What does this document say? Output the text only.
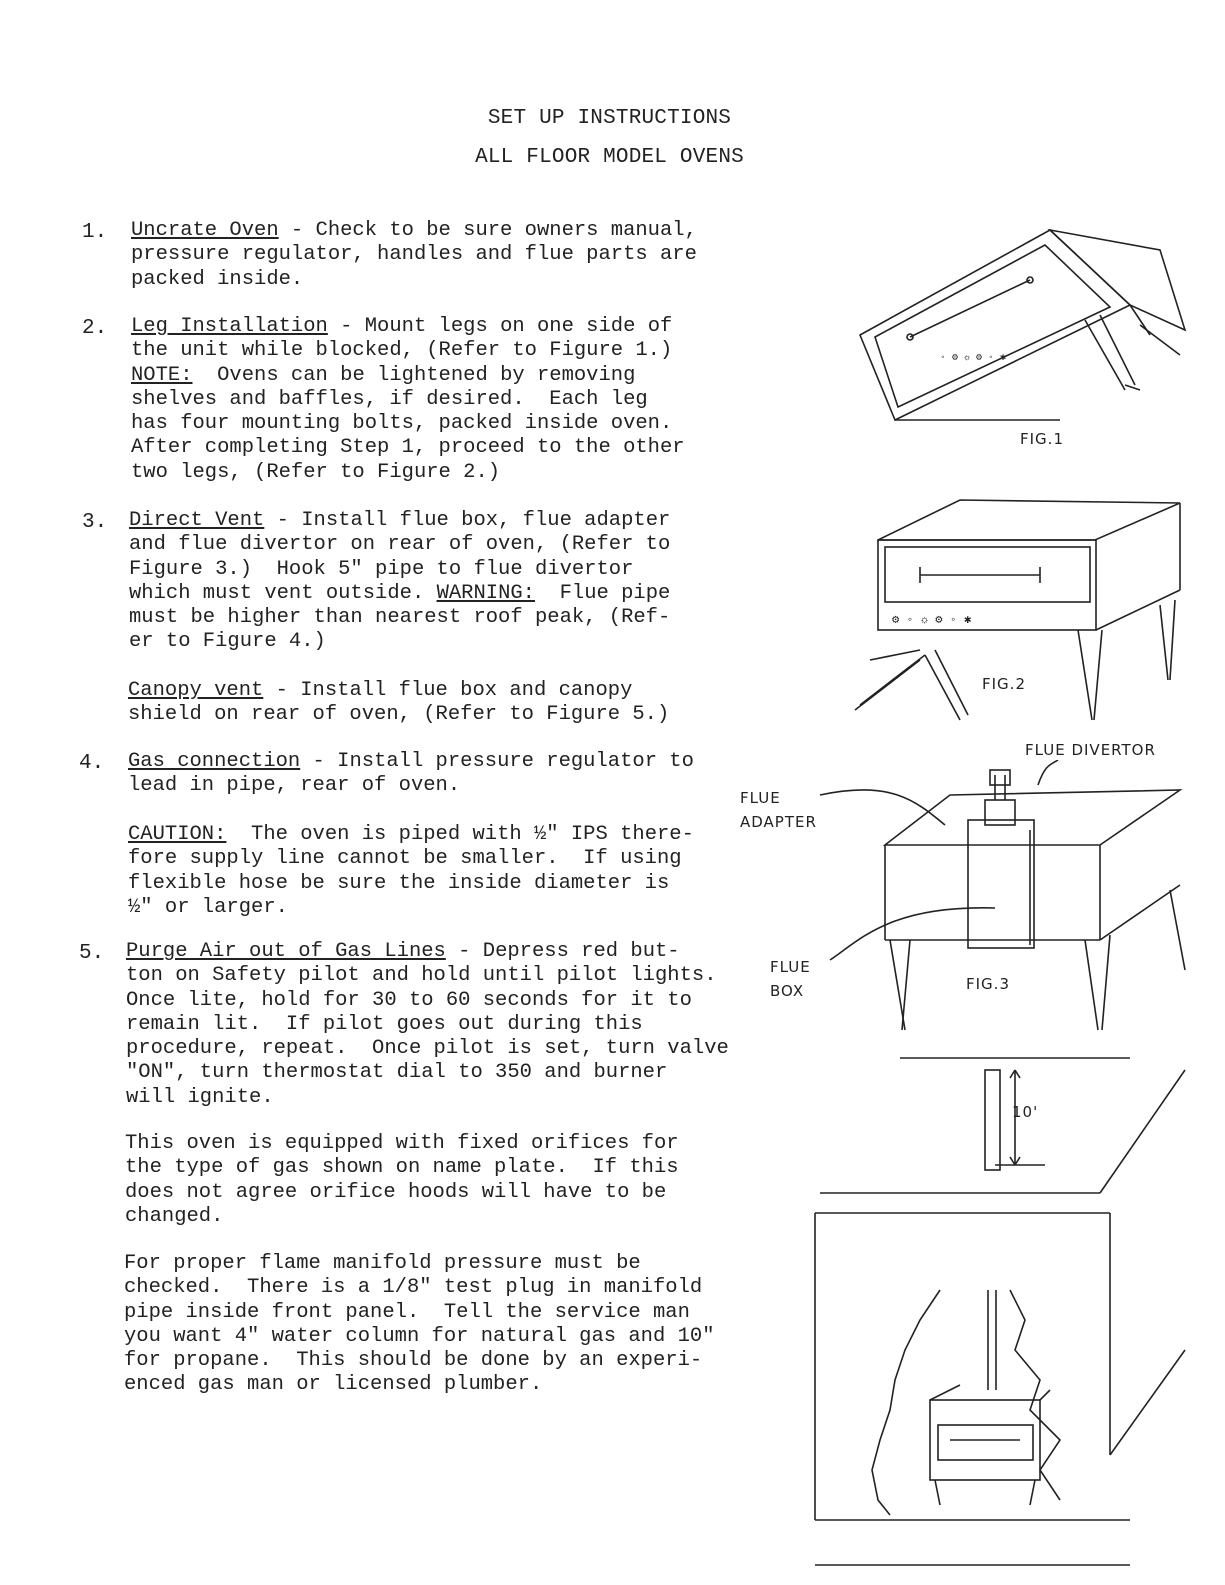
SET UP INSTRUCTIONS
ALL FLOOR MODEL OVENS
1. Uncrate Oven - Check to be sure owners manual,
pressure regulator, handles and flue parts are
packed inside.
2. Leg Installation - Mount legs on one side of
the unit while blocked, (Refer to Figure 1.)
NOTE:  Ovens can be lightened by removing
shelves and baffles, if desired.  Each leg
has four mounting bolts, packed inside oven.
After completing Step 1, proceed to the other
two legs, (Refer to Figure 2.)
3. Direct Vent - Install flue box, flue adapter
and flue divertor on rear of oven, (Refer to
Figure 3.)  Hook 5" pipe to flue divertor
which must vent outside. WARNING:  Flue pipe
must be higher than nearest roof peak, (Ref-
er to Figure 4.)
Canopy vent - Install flue box and canopy
shield on rear of oven, (Refer to Figure 5.)
4. Gas connection - Install pressure regulator to
lead in pipe, rear of oven.
CAUTION:  The oven is piped with ½" IPS there-
fore supply line cannot be smaller.  If using
flexible hose be sure the inside diameter is
½" or larger.
5. Purge Air out of Gas Lines - Depress red but-
ton on Safety pilot and hold until pilot lights.
Once lite, hold for 30 to 60 seconds for it to
remain lit.  If pilot goes out during this
procedure, repeat.  Once pilot is set, turn valve
"ON", turn thermostat dial to 350 and burner
will ignite.
This oven is equipped with fixed orifices for
the type of gas shown on name plate.  If this
does not agree orifice hoods will have to be
changed.
For proper flame manifold pressure must be
checked.  There is a 1/8" test plug in manifold
pipe inside front panel.  Tell the service man
you want 4" water column for natural gas and 10"
for propane.  This should be done by an experi-
enced gas man or licensed plumber.
◦ ⚙ ☼ ⚙ ◦ ✱
FIG.1
⚙ ◦ ☼ ⚙ ◦ ✱
FIG.2
FLUE DIVERTOR
FLUE ADAPTER
FLUE BOX	FIG.3
10'
